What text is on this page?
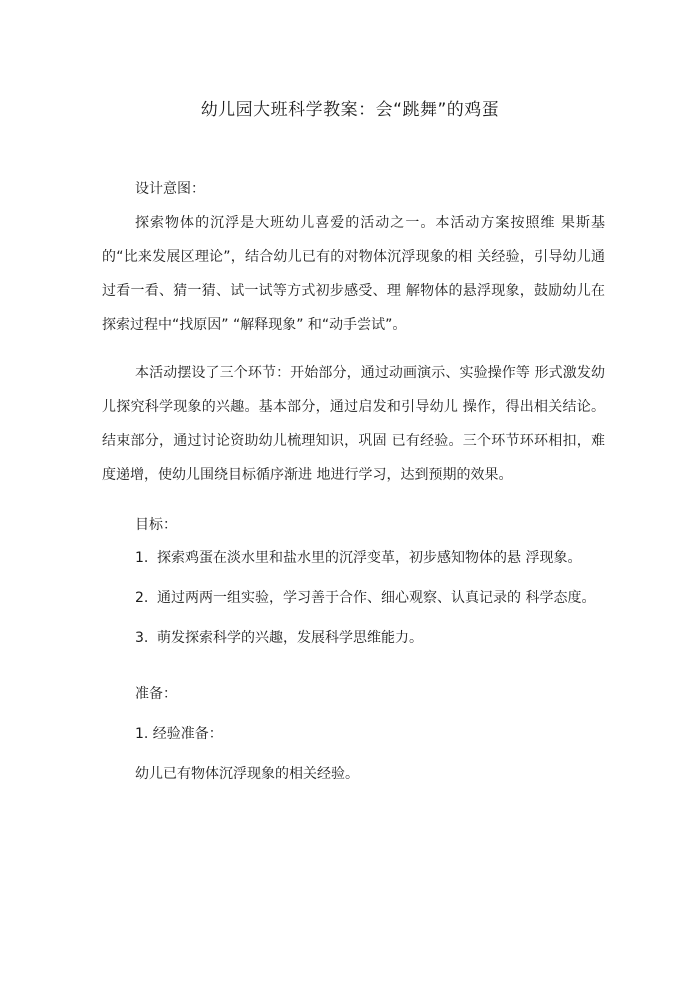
幼儿园大班科学教案：会“跳舞”的鸡蛋
设计意图：
探索物体的沉浮是大班幼儿喜爱的活动之一。本活动方案按照维 果斯基的“比来发展区理论”，结合幼儿已有的对物体沉浮现象的相 关经验，引导幼儿通过看一看、猜一猜、试一试等方式初步感受、理 解物体的悬浮现象，鼓励幼儿在探索过程中“找原因” “解释现象” 和“动手尝试”。
本活动摆设了三个环节：开始部分，通过动画演示、实验操作等 形式激发幼儿探究科学现象的兴趣。基本部分，通过启发和引导幼儿 操作，得出相关结论。结束部分，通过讨论资助幼儿梳理知识，巩固 已有经验。三个环节环环相扣，难度递增，使幼儿围绕目标循序渐进 地进行学习，达到预期的效果。
目标：
1. 探索鸡蛋在淡水里和盐水里的沉浮变革，初步感知物体的悬 浮现象。
2. 通过两两一组实验，学习善于合作、细心观察、认真记录的 科学态度。
3. 萌发探索科学的兴趣，发展科学思维能力。
准备：
1. 经验准备：
幼儿已有物体沉浮现象的相关经验。
